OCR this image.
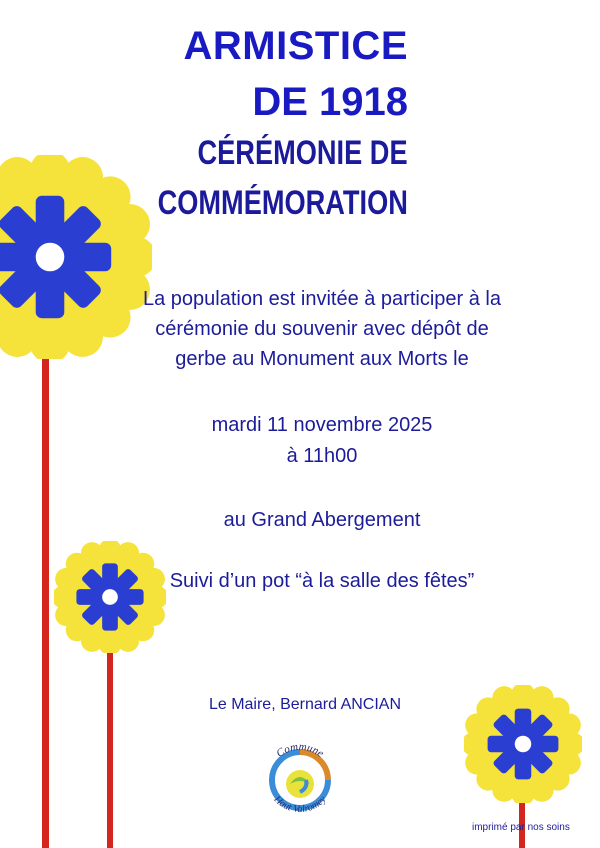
ARMISTICE
DE 1918
CÉRÉMONIE DE
COMMÉMORATION

La population est invitée à participer à la
cérémonie du souvenir avec dépôt de
gerbe au Monument aux Morts le

mardi 11 novembre 2025

à 11h00

au Grand Abergement

Suivi d’un pot “à la salle des fêtes”

Le Maire, Bernard ANCIAN
Commune
Haut Valromey
imprimé par nos soins
